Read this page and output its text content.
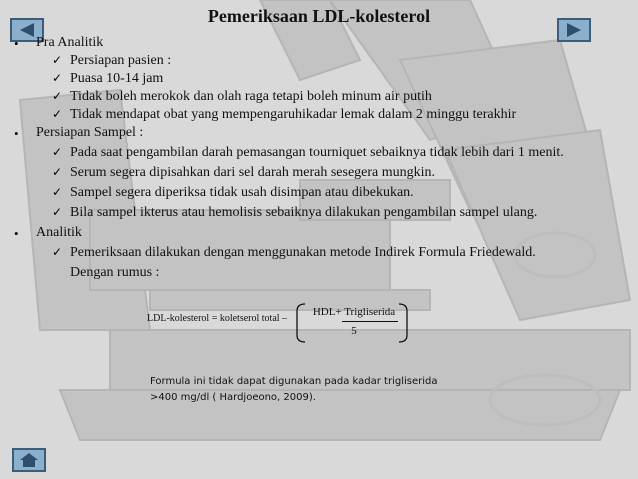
Pemeriksaan LDL-kolesterol
• Pra Analitik
✓ Persiapan pasien :
✓ Puasa 10-14 jam
✓ Tidak boleh merokok dan olah raga tetapi boleh minum air putih
✓ Tidak mendapat obat yang mempengaruhikadar lemak dalam 2 minggu terakhir
• Persiapan Sampel :
✓ Pada saat pengambilan darah pemasangan tourniquet sebaiknya tidak lebih dari 1 menit.
✓ Serum segera dipisahkan dari sel darah merah sesegera mungkin.
✓ Sampel segera diperiksa tidak usah disimpan atau dibekukan.
✓ Bila sampel ikterus atau hemolisis sebaiknya dilakukan pengambilan sampel ulang.
• Analitik
✓ Pemeriksaan dilakukan dengan menggunakan metode Indirek Formula Friedewald.
Dengan rumus :
LDL-kolesterol = koletserol total –
HDL+ Trigliserida
5
Formula ini tidak dapat digunakan pada kadar trigliserida
>400 mg/dl ( Hardjoeono, 2009).
